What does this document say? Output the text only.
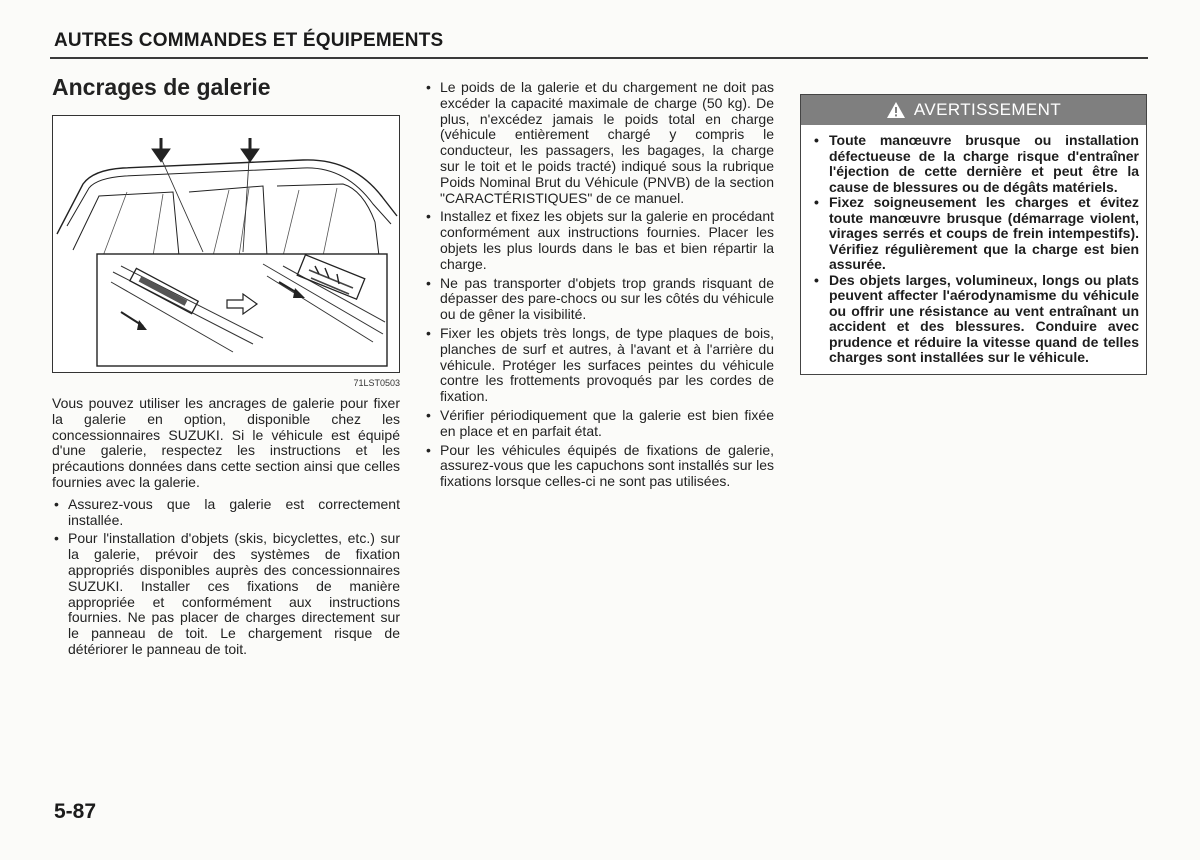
AUTRES COMMANDES ET ÉQUIPEMENTS
Ancrages de galerie
71LST0503

Vous pouvez utiliser les ancrages de galerie pour fixer la galerie en option, disponible chez les concessionnaires SUZUKI. Si le véhicule est équipé d'une galerie, respectez les instructions et les précautions données dans cette section ainsi que celles fournies avec la galerie.

• Assurez-vous que la galerie est correctement installée.
• Pour l'installation d'objets (skis, bicyclettes, etc.) sur la galerie, prévoir des systèmes de fixation appropriés disponibles auprès des concessionnaires SUZUKI. Installer ces fixations de manière appropriée et conformément aux instructions fournies. Ne pas placer de charges directement sur le panneau de toit. Le chargement risque de détériorer le panneau de toit.
• Le poids de la galerie et du chargement ne doit pas excéder la capacité maximale de charge (50 kg). De plus, n'excédez jamais le poids total en charge (véhicule entièrement chargé y compris le conducteur, les passagers, les bagages, la charge sur le toit et le poids tracté) indiqué sous la rubrique Poids Nominal Brut du Véhicule (PNVB) de la section "CARACTÉRISTIQUES" de ce manuel.
• Installez et fixez les objets sur la galerie en procédant conformément aux instructions fournies. Placer les objets les plus lourds dans le bas et bien répartir la charge.
• Ne pas transporter d'objets trop grands risquant de dépasser des pare-chocs ou sur les côtés du véhicule ou de gêner la visibilité.
• Fixer les objets très longs, de type plaques de bois, planches de surf et autres, à l'avant et à l'arrière du véhicule. Protéger les surfaces peintes du véhicule contre les frottements provoqués par les cordes de fixation.
• Vérifier périodiquement que la galerie est bien fixée en place et en parfait état.
• Pour les véhicules équipés de fixations de galerie, assurez-vous que les capuchons sont installés sur les fixations lorsque celles-ci ne sont pas utilisées.
AVERTISSEMENT
• Toute manœuvre brusque ou installation défectueuse de la charge risque d'entraîner l'éjection de cette dernière et peut être la cause de blessures ou de dégâts matériels.
• Fixez soigneusement les charges et évitez toute manœuvre brusque (démarrage violent, virages serrés et coups de frein intempestifs). Vérifiez régulièrement que la charge est bien assurée.
• Des objets larges, volumineux, longs ou plats peuvent affecter l'aérodynamisme du véhicule ou offrir une résistance au vent entraînant un accident et des blessures. Conduire avec prudence et réduire la vitesse quand de telles charges sont installées sur le véhicule.
5-87
